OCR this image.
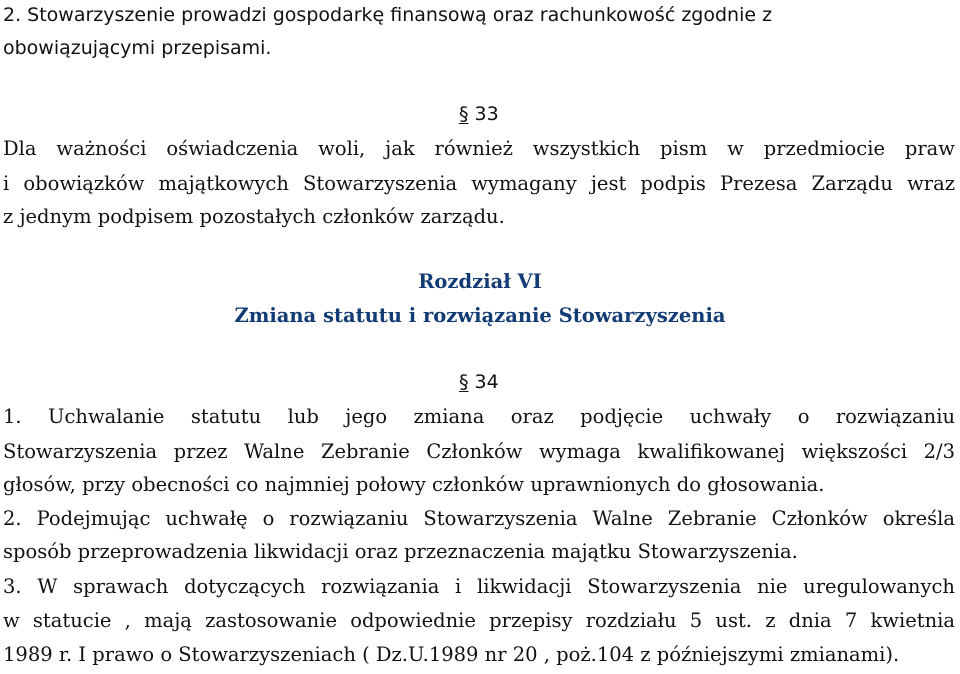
2. Stowarzyszenie prowadzi gospodarkę finansową oraz rachunkowość zgodnie z
obowiązującymi przepisami.
§ 33
Dla ważności oświadczenia woli, jak również wszystkich pism w przedmiocie praw
i obowiązków majątkowych Stowarzyszenia wymagany jest podpis Prezesa Zarządu wraz
z jednym podpisem pozostałych członków zarządu.
Rozdział VI
Zmiana statutu i rozwiązanie Stowarzyszenia
§ 34
1. Uchwalanie statutu lub jego zmiana oraz podjęcie uchwały o rozwiązaniu
Stowarzyszenia przez Walne Zebranie Członków wymaga kwalifikowanej większości 2/3
głosów, przy obecności co najmniej połowy członków uprawnionych do głosowania.
2. Podejmując uchwałę o rozwiązaniu Stowarzyszenia Walne Zebranie Członków określa
sposób przeprowadzenia likwidacji oraz przeznaczenia majątku Stowarzyszenia.
3. W sprawach dotyczących rozwiązania i likwidacji Stowarzyszenia nie uregulowanych
w statucie , mają zastosowanie odpowiednie przepisy rozdziału 5 ust. z dnia 7 kwietnia
1989 r. I prawo o Stowarzyszeniach ( Dz.U.1989 nr 20 , poż.104 z późniejszymi zmianami).
